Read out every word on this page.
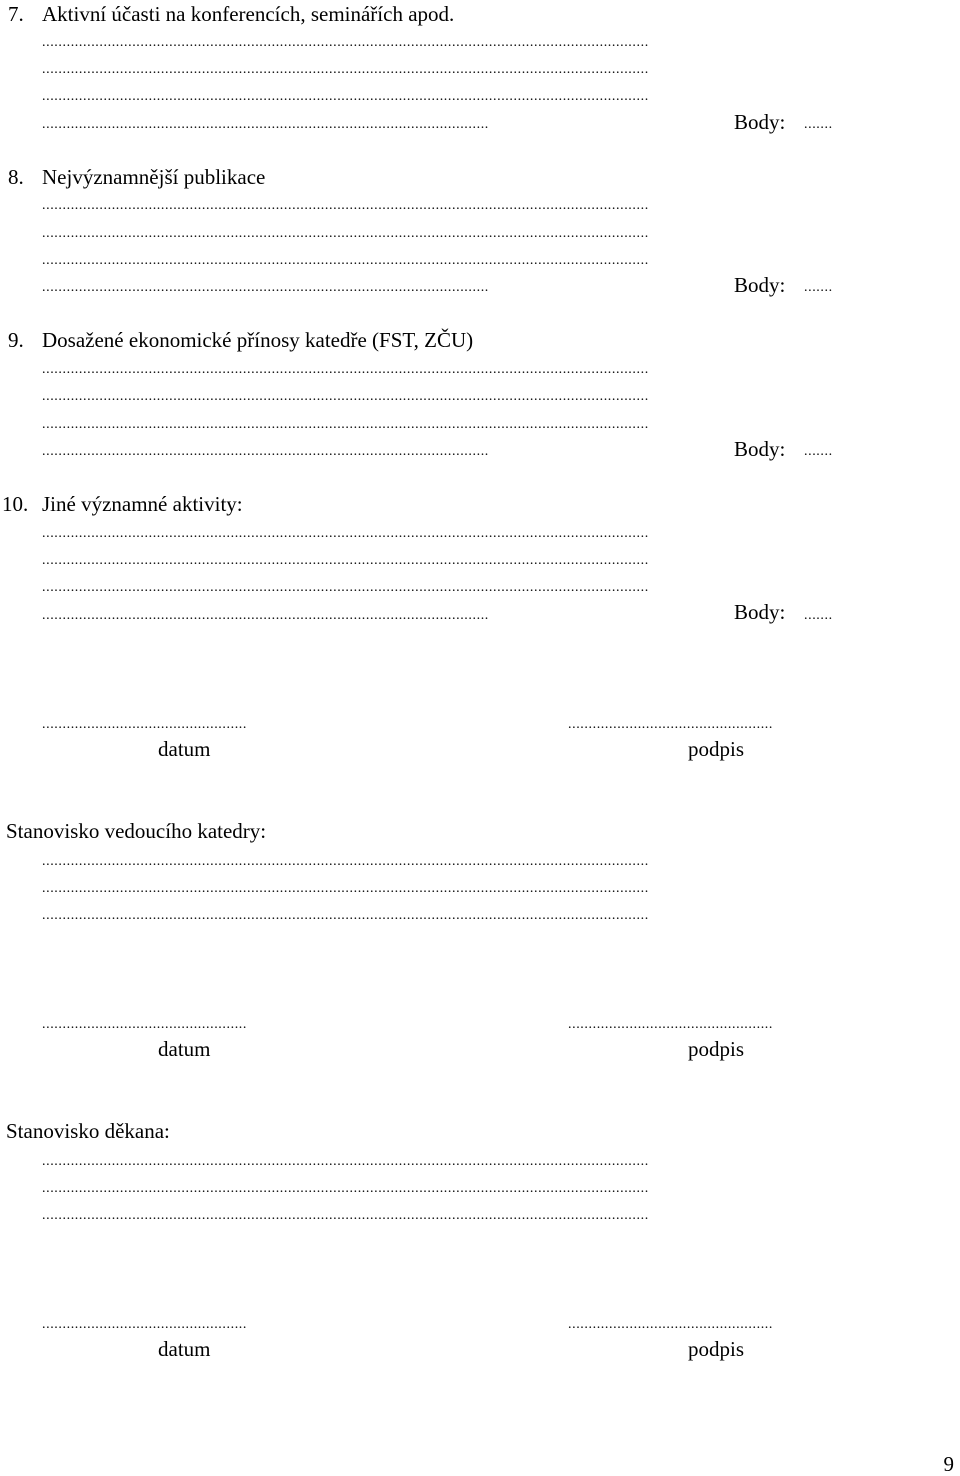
7. Aktivní účasti na konferencích, seminářích apod.
....................................................................................................................................................
....................................................................................................................................................
....................................................................................................................................................
.............................................................................................................	Body: .......
8. Nejvýznamnější publikace
....................................................................................................................................................
....................................................................................................................................................
....................................................................................................................................................
.............................................................................................................	Body: .......
9. Dosažené ekonomické přínosy katedře (FST, ZČU)
....................................................................................................................................................
....................................................................................................................................................
....................................................................................................................................................
.............................................................................................................	Body: .......
10. Jiné významné aktivity:
....................................................................................................................................................
....................................................................................................................................................
....................................................................................................................................................
.............................................................................................................	Body: .......
..................................................	..................................................
datum	podpis
Stanovisko vedoucího katedry:
....................................................................................................................................................
....................................................................................................................................................
....................................................................................................................................................
..................................................	..................................................
datum	podpis
Stanovisko děkana:
....................................................................................................................................................
....................................................................................................................................................
....................................................................................................................................................
..................................................	..................................................
datum	podpis
9
